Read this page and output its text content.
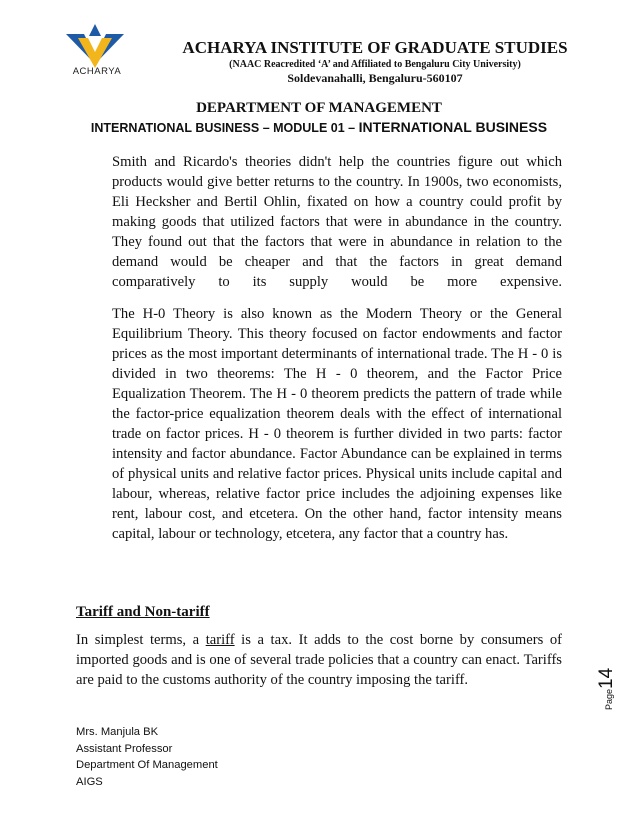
ACHARYA
ACHARYA INSTITUTE OF GRADUATE STUDIES
(NAAC Reacredited ‘A’ and Affiliated to Bengaluru City University)
Soldevanahalli, Bengaluru-560107
DEPARTMENT OF MANAGEMENT
INTERNATIONAL BUSINESS – MODULE 01 – INTERNATIONAL BUSINESS

Smith and Ricardo's theories didn't help the countries figure out which products would give better returns to the country. In 1900s, two economists, Eli Hecksher and Bertil Ohlin, fixated on how a country could profit by making goods that utilized factors that were in abundance in the country. They found out that the factors that were in abundance in relation to the demand would be cheaper and that the factors in great demand comparatively to its supply would be more expensive.

The H-0 Theory is also known as the Modern Theory or the General Equilibrium Theory. This theory focused on factor endowments and factor prices as the most important determinants of international trade. The H - 0 is divided in two theorems: The H - 0 theorem, and the Factor Price Equalization Theorem. The H - 0 theorem predicts the pattern of trade while the factor-price equalization theorem deals with the effect of international trade on factor prices. H - 0 theorem is further divided in two parts: factor intensity and factor abundance. Factor Abundance can be explained in terms of physical units and relative factor prices. Physical units include capital and labour, whereas, relative factor price includes the adjoining expenses like rent, labour cost, and etcetera. On the other hand, factor intensity means capital, labour or technology, etcetera, any factor that a country has.

Tariff and Non-tariff

In simplest terms, a tariff is a tax. It adds to the cost borne by consumers of imported goods and is one of several trade policies that a country can enact. Tariffs are paid to the customs authority of the country imposing the tariff.

Page14
Mrs. Manjula BK
Assistant Professor
Department Of Management
AIGS
